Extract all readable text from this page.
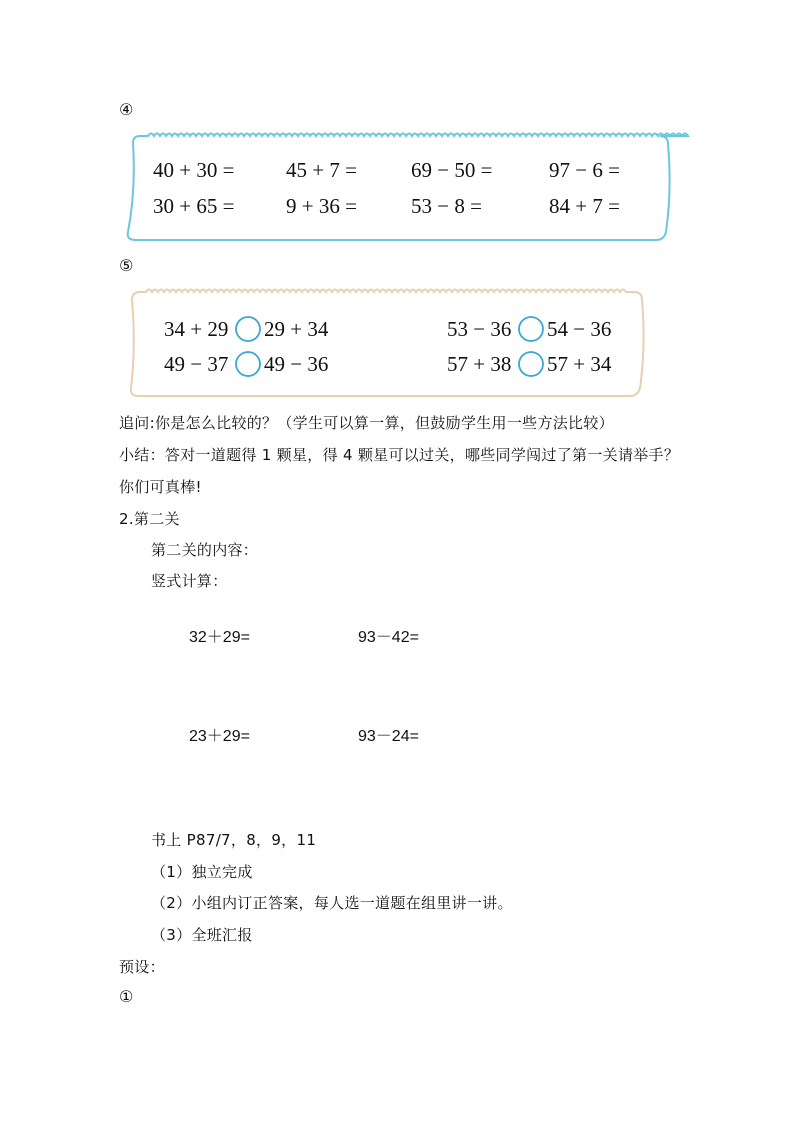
④
40 + 30 = 45 + 7 =	69 − 50 =	97 − 6 =
30 + 65 = 9 + 36 =	53 − 8 =	84 + 7 =
⑤
34 + 29 29 + 34	53 − 36 54 − 36
49 − 37 49 − 36	57 + 38 57 + 34
追问:你是怎么比较的？（学生可以算一算，但鼓励学生用一些方法比较）
小结：答对一道题得 1 颗星，得 4 颗星可以过关，哪些同学闯过了第一关请举手？
你们可真棒!
2.第二关
第二关的内容：
竖式计算：
32＋29=	93－42=
23＋29=	93－24=
书上 P87/7，8，9，11
（1）独立完成
（2）小组内订正答案，每人选一道题在组里讲一讲。
（3）全班汇报
预设：
①
